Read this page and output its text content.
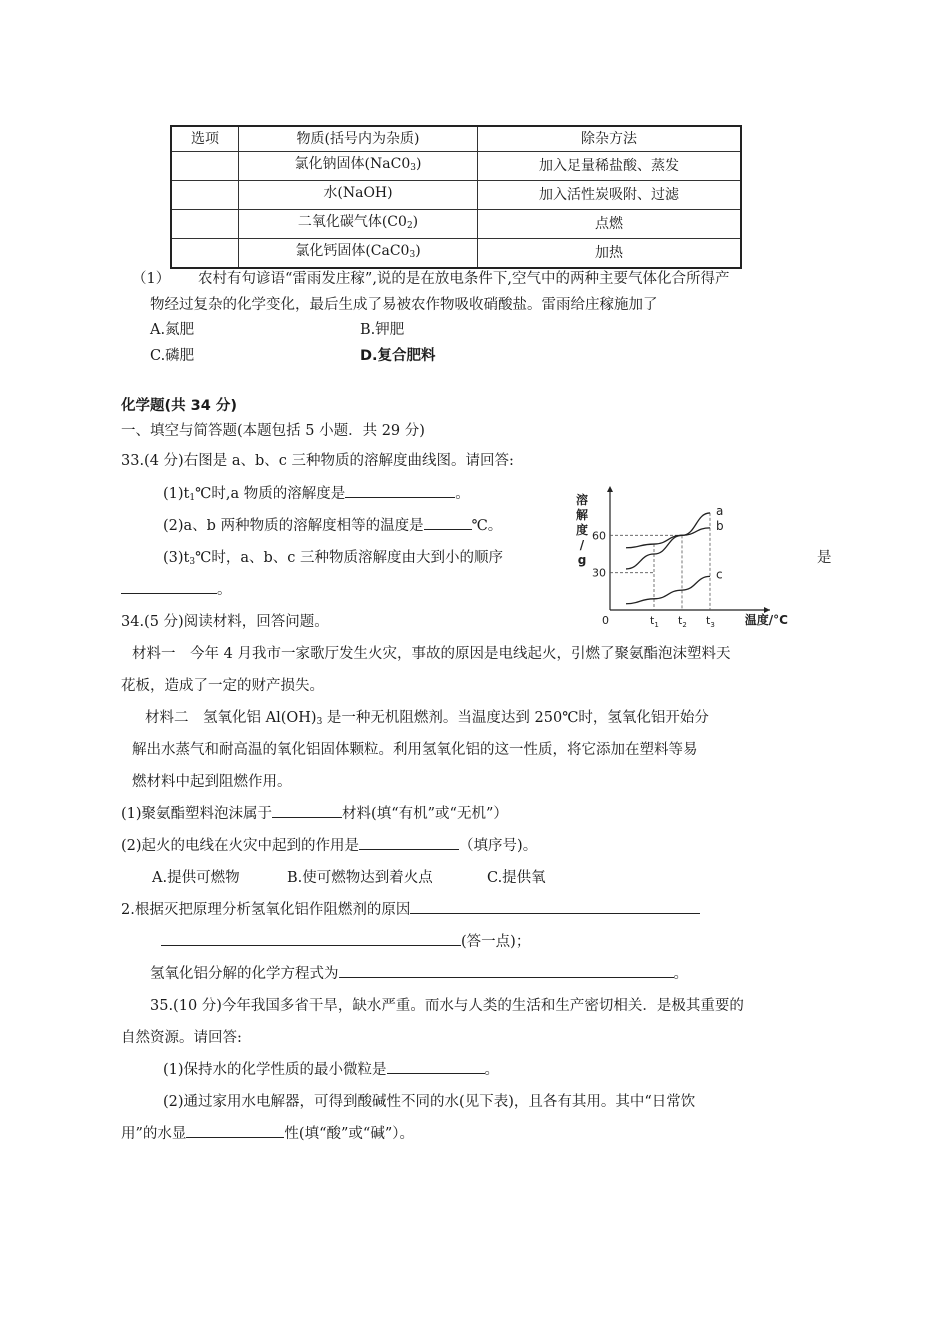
选项	物质(括号内为杂质)	除杂方法
	氯化钠固体$(NaC0_3)$	加入足量稀盐酸、蒸发
	水(NaOH)	加入活性炭吸附、过滤
	二氧化碳气体$(C0_2)$	点燃
	氯化钙固体$(CaC0_3)$	加热
（1） 农村有句谚语“雷雨发庄稼”,说的是在放电条件下,空气中的两种主要气体化合所得产
物经过复杂的化学变化，最后生成了易被农作物吸收硝酸盐。雷雨给庄稼施加了
A.氮肥	B.钾肥
C.磷肥	D.复合肥料
化学题(共 34 分)
一、填空与简答题(本题包括 5 小题．共 29 分)
33.(4 分)右图是 a、b、c 三种物质的溶解度曲线图。请回答:
$(1)t_1℃$时,a 物质的溶解度是	。
(2)a、b 两种物质的溶解度相等的温度是	℃。
$(3)t_3℃$时，a、b、c 三种物质溶解度由大到小的顺序	是
。
溶
解
度
/
g
60
30
0	$t_1$ $t_2$ $t_3$	温度/°C
a
b
c
34.(5 分)阅读材料，回答问题。
材料一　今年 4 月我市一家歌厅发生火灾，事故的原因是电线起火，引燃了聚氨酯泡沫塑料天
花板，造成了一定的财产损失。
材料二　氢氧化铝 $Al(OH)_3$ 是一种无机阻燃剂。当温度达到 250℃时，氢氧化铝开始分
解出水蒸气和耐高温的氧化铝固体颗粒。利用氢氧化铝的这一性质，将它添加在塑料等易
燃材料中起到阻燃作用。
(1)聚氨酯塑料泡沫属于	材料(填“有机”或“无机”）
(2)起火的电线在火灾中起到的作用是	（填序号)。
A.提供可燃物	B.使可燃物达到着火点	C.提供氧
2.根据灭把原理分析氢氧化铝作阻燃剂的原因
(答一点)；
氢氧化铝分解的化学方程式为	。
35.(10 分)今年我国多省干旱，缺水严重。而水与人类的生活和生产密切相关．是极其重要的
自然资源。请回答:
(1)保持水的化学性质的最小微粒是	。
(2)通过家用水电解器，可得到酸碱性不同的水(见下表)，且各有其用。其中“日常饮
用”的水显	性(填“酸”或“碱”）。
